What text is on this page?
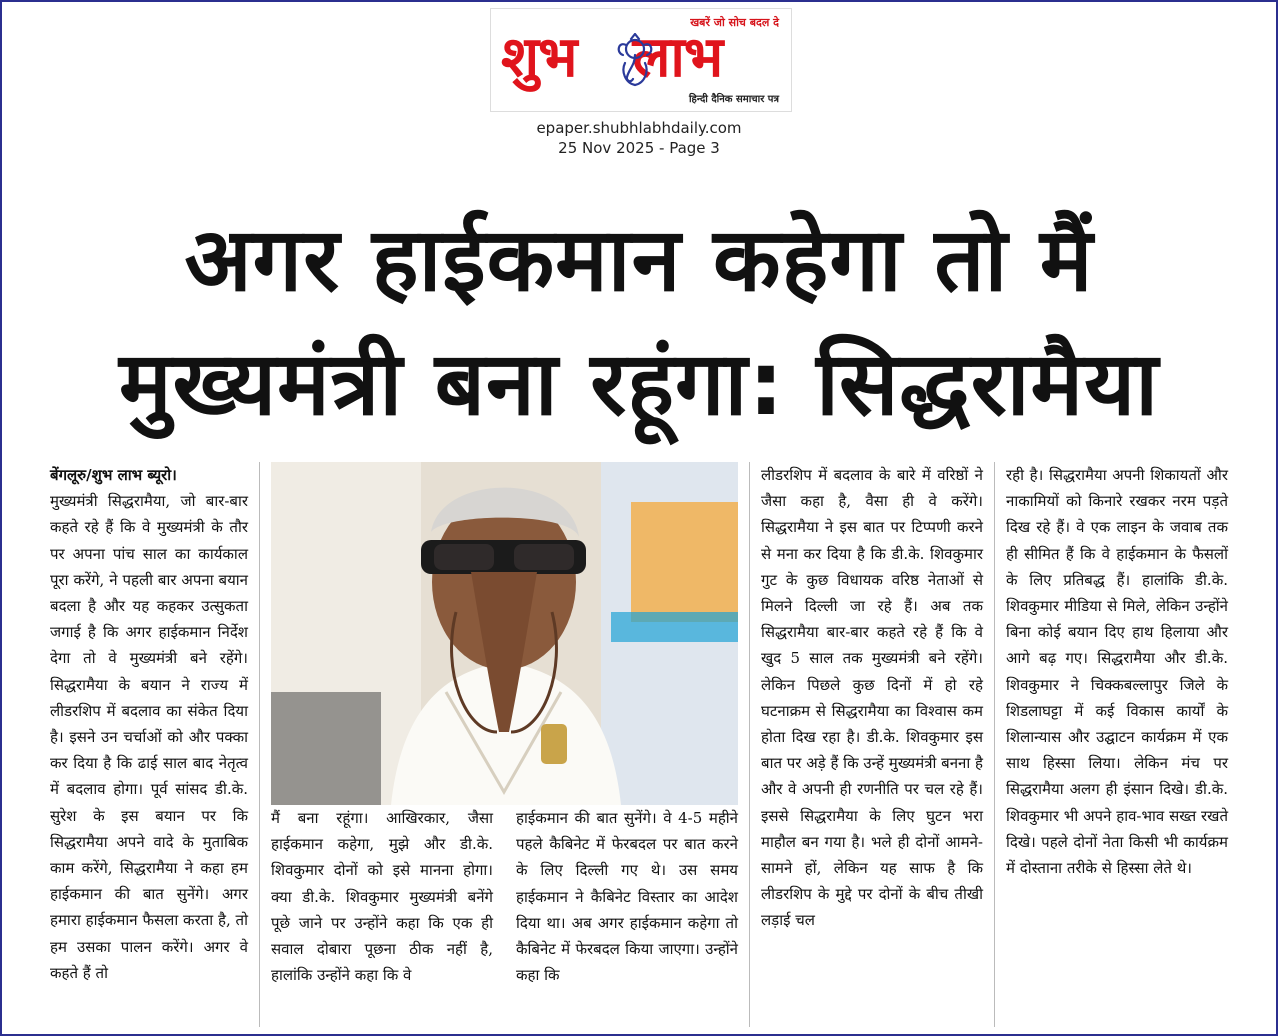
खबरें जो सोच बदल दे
शुभ लाभ
हिन्दी दैनिक समाचार पत्र
epaper.shubhlabhdaily.com
25 Nov 2025 - Page 3
अगर हाईकमान कहेगा तो मैं
मुख्यमंत्री बना रहूंगा: सिद्धरामैया
बेंगलूरु/शुभ लाभ ब्यूरो।
मुख्यमंत्री सिद्धरामैया, जो बार-बार कहते रहे हैं कि वे मुख्यमंत्री के तौर पर अपना पांच साल का कार्यकाल पूरा करेंगे, ने पहली बार अपना बयान बदला है और यह कहकर उत्सुकता जगाई है कि अगर हाईकमान निर्देश देगा तो वे मुख्यमंत्री बने रहेंगे। सिद्धरामैया के बयान ने राज्य में लीडरशिप में बदलाव का संकेत दिया है। इसने उन चर्चाओं को और पक्का कर दिया है कि ढाई साल बाद नेतृत्व में बदलाव होगा। पूर्व सांसद डी.के. सुरेश के इस बयान पर कि सिद्धरामैया अपने वादे के मुताबिक काम करेंगे, सिद्धरामैया ने कहा हम हाईकमान की बात सुनेंगे। अगर हमारा हाईकमान फैसला करता है, तो हम उसका पालन करेंगे। अगर वे कहते हैं तो
मैं बना रहूंगा। आखिरकार, जैसा हाईकमान कहेगा, मुझे और डी.के. शिवकुमार दोनों को इसे मानना होगा। क्या डी.के. शिवकुमार मुख्यमंत्री बनेंगे पूछे जाने पर उन्होंने कहा कि एक ही सवाल दोबारा पूछना ठीक नहीं है, हालांकि उन्होंने कहा कि वे
हाईकमान की बात सुनेंगे। वे 4-5 महीने पहले कैबिनेट में फेरबदल पर बात करने के लिए दिल्ली गए थे। उस समय हाईकमान ने कैबिनेट विस्तार का आदेश दिया था। अब अगर हाईकमान कहेगा तो कैबिनेट में फेरबदल किया जाएगा। उन्होंने कहा कि
लीडरशिप में बदलाव के बारे में वरिष्ठों ने जैसा कहा है, वैसा ही वे करेंगे। सिद्धरामैया ने इस बात पर टिप्पणी करने से मना कर दिया है कि डी.के. शिवकुमार गुट के कुछ विधायक वरिष्ठ नेताओं से मिलने दिल्ली जा रहे हैं। अब तक सिद्धरामैया बार-बार कहते रहे हैं कि वे खुद 5 साल तक मुख्यमंत्री बने रहेंगे। लेकिन पिछले कुछ दिनों में हो रहे घटनाक्रम से सिद्धरामैया का विश्वास कम होता दिख रहा है। डी.के. शिवकुमार इस बात पर अड़े हैं कि उन्हें मुख्यमंत्री बनना है और वे अपनी ही रणनीति पर चल रहे हैं। इससे सिद्धरामैया के लिए घुटन भरा माहौल बन गया है। भले ही दोनों आमने-सामने हों, लेकिन यह साफ है कि लीडरशिप के मुद्दे पर दोनों के बीच तीखी लड़ाई चल
रही है। सिद्धरामैया अपनी शिकायतों और नाकामियों को किनारे रखकर नरम पड़ते दिख रहे हैं। वे एक लाइन के जवाब तक ही सीमित हैं कि वे हाईकमान के फैसलों के लिए प्रतिबद्ध हैं। हालांकि डी.के. शिवकुमार मीडिया से मिले, लेकिन उन्होंने बिना कोई बयान दिए हाथ हिलाया और आगे बढ़ गए। सिद्धरामैया और डी.के. शिवकुमार ने चिक्कबल्लापुर जिले के शिडलाघट्टा में कई विकास कार्यों के शिलान्यास और उद्घाटन कार्यक्रम में एक साथ हिस्सा लिया। लेकिन मंच पर सिद्धरामैया अलग ही इंसान दिखे। डी.के. शिवकुमार भी अपने हाव-भाव सख्त रखते दिखे। पहले दोनों नेता किसी भी कार्यक्रम में दोस्ताना तरीके से हिस्सा लेते थे।
